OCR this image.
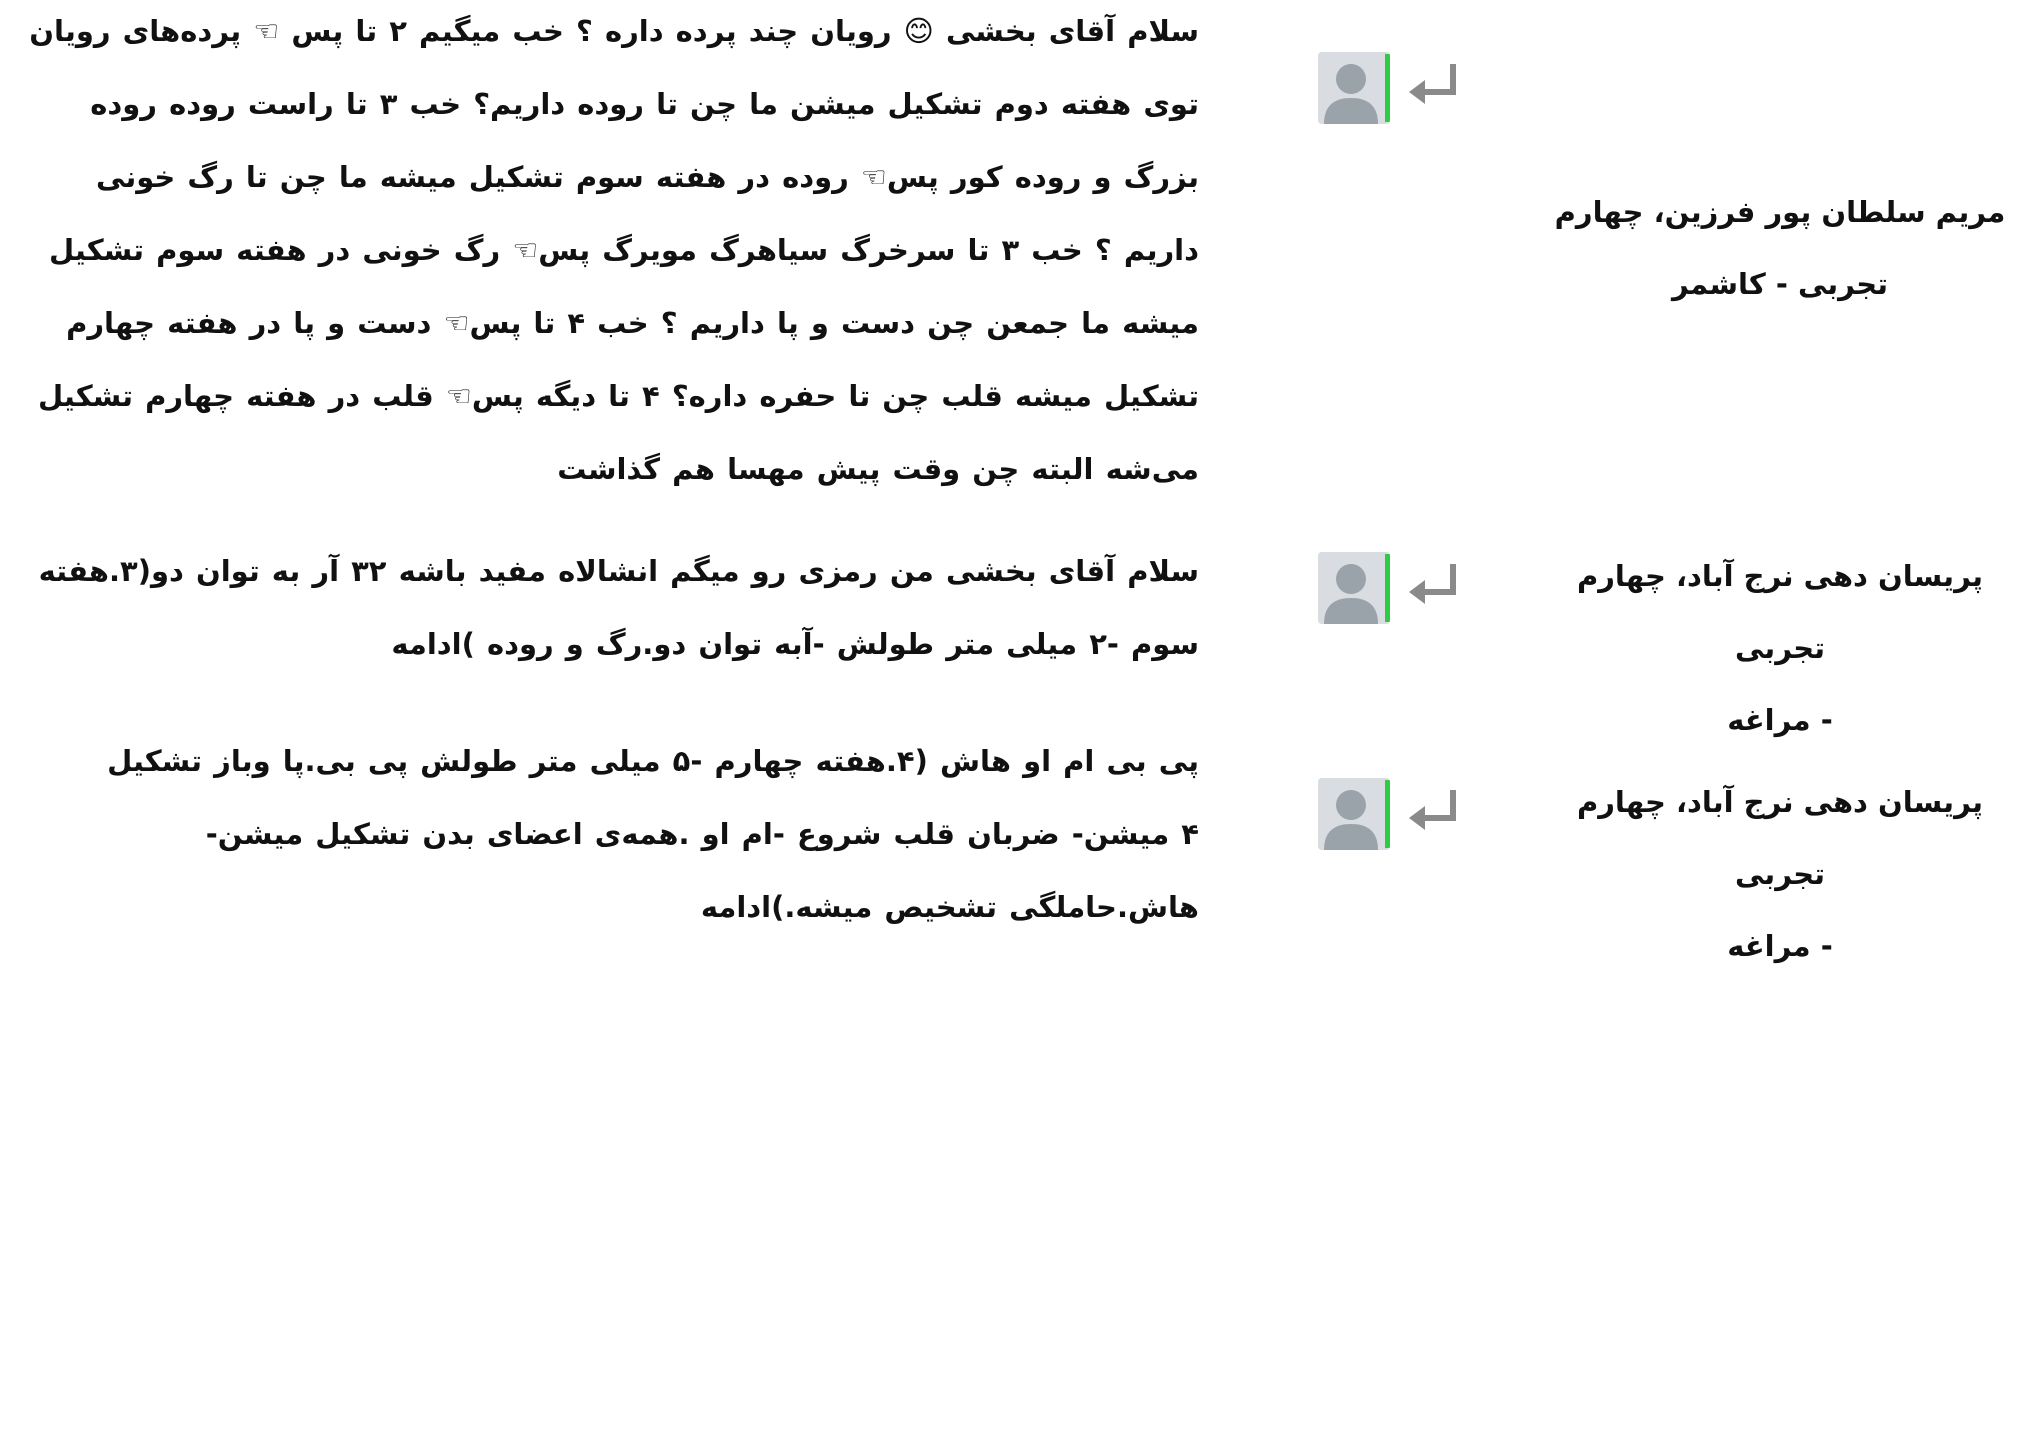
سلام آقای بخشی 😊 رویان چند پرده داره ؟ خب میگیم ۲ تا پس ☜ پرده‌های رویان توی هفته دوم تشکیل میشن ما چن تا روده داریم؟ خب ۳ تا راست روده روده بزرگ و روده کور پس☜ روده در هفته سوم تشکیل میشه ما چن تا رگ خونی داریم ؟ خب ۳ تا سرخرگ سیاهرگ مویرگ پس☜ رگ خونی در هفته سوم تشکیل میشه ما جمعن چن دست و پا داریم ؟ خب ۴ تا پس☜ دست و پا در هفته چهارم تشکیل میشه قلب چن تا حفره داره؟ ۴ تا دیگه پس☜ قلب در هفته چهارم تشکیل می‌شه البته چن وقت پیش مهسا هم گذاشت
مریم سلطان پور فرزین، چهارم
تجربی - کاشمر
سلام آقای بخشی من رمزی رو میگم انشالاه مفید باشه ۳۲ آر به توان دو(۳.هفته سوم -۲ میلی متر طولش -آبه توان دو.رگ و روده )ادامه
پریسان دهی نرج آباد، چهارم تجربی
- مراغه
پی بی ام او هاش (۴.هفته چهارم -۵ میلی متر طولش پی بی.پا وباز تشکیل ۴ میشن- ضربان قلب شروع -ام او .همه‌ی اعضای بدن تشکیل میشن-هاش.حاملگی تشخیص میشه.)ادامه
پریسان دهی نرج آباد، چهارم تجربی
- مراغه
